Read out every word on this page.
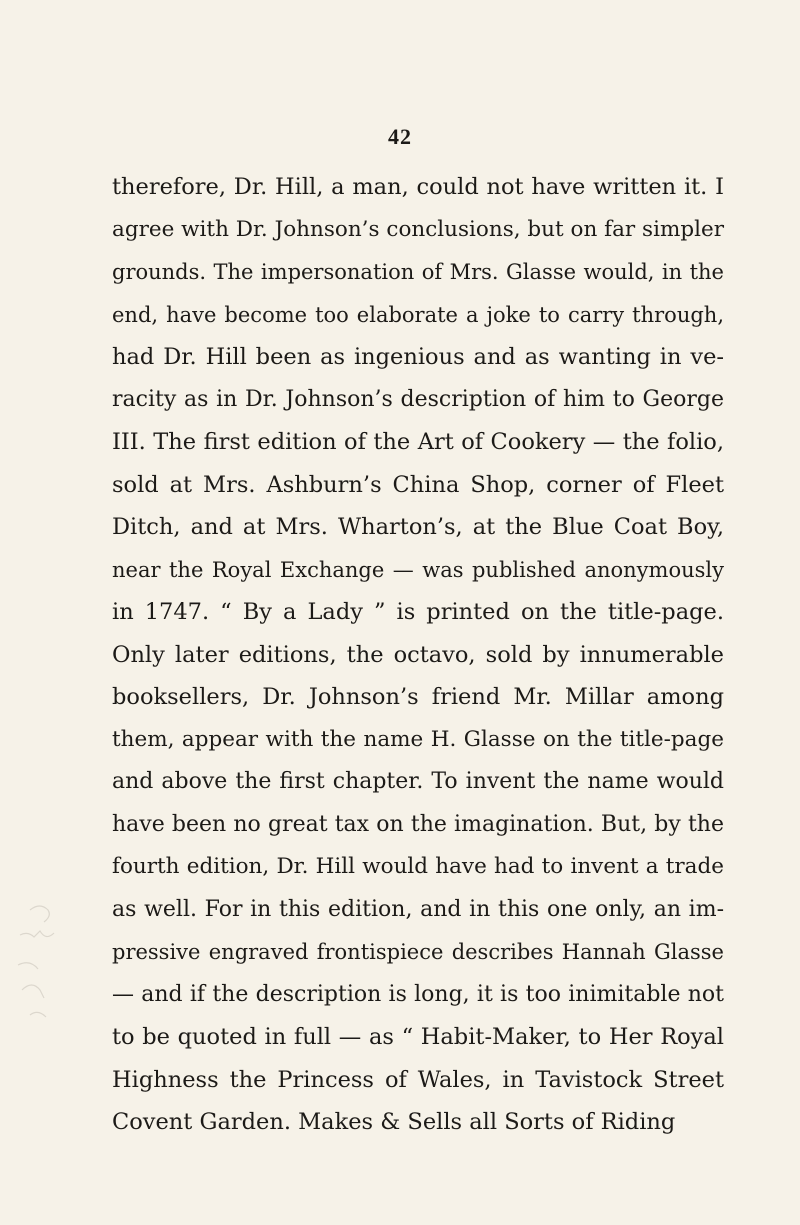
42
therefore, Dr. Hill, a man, could not have written it. I
agree with Dr. Johnson’s conclusions, but on far simpler
grounds. The impersonation of Mrs. Glasse would, in the
end, have become too elaborate a joke to carry through,
had Dr. Hill been as ingenious and as wanting in ve-
racity as in Dr. Johnson’s description of him to George
III. The first edition of the Art of Cookery — the folio,
sold at Mrs. Ashburn’s China Shop, corner of Fleet
Ditch, and at Mrs. Wharton’s, at the Blue Coat Boy,
near the Royal Exchange — was published anonymously
in 1747. “ By a Lady ” is printed on the title-page.
Only later editions, the octavo, sold by innumerable
booksellers, Dr. Johnson’s friend Mr. Millar among
them, appear with the name H. Glasse on the title-page
and above the first chapter. To invent the name would
have been no great tax on the imagination. But, by the
fourth edition, Dr. Hill would have had to invent a trade
as well. For in this edition, and in this one only, an im-
pressive engraved frontispiece describes Hannah Glasse
— and if the description is long, it is too inimitable not
to be quoted in full — as “ Habit-Maker, to Her Royal
Highness the Princess of Wales, in Tavistock Street
Covent Garden. Makes & Sells all Sorts of Riding
